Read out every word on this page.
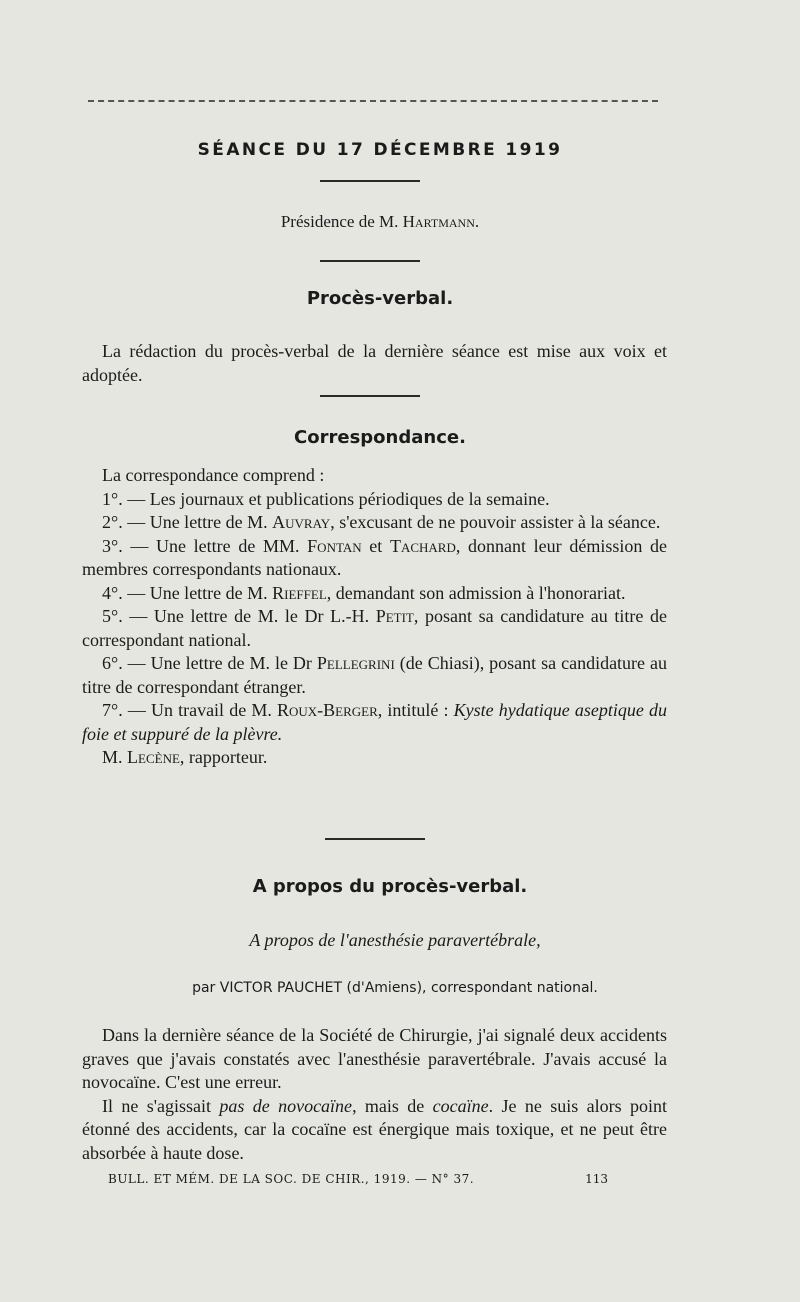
SÉANCE DU 17 DÉCEMBRE 1919
Présidence de M. Hartmann.
Procès-verbal.

La rédaction du procès-verbal de la dernière séance est mise aux voix et adoptée.

Correspondance.

La correspondance comprend :

1°. — Les journaux et publications périodiques de la semaine.

2°. — Une lettre de M. Auvray, s'excusant de ne pouvoir assister à la séance.

3°. — Une lettre de MM. Fontan et Tachard, donnant leur démission de membres correspondants nationaux.

4°. — Une lettre de M. Rieffel, demandant son admission à l'honorariat.

5°. — Une lettre de M. le Dr L.-H. Petit, posant sa candidature au titre de correspondant national.

6°. — Une lettre de M. le Dr Pellegrini (de Chiasi), posant sa candidature au titre de correspondant étranger.

7°. — Un travail de M. Roux-Berger, intitulé : Kyste hydatique aseptique du foie et suppuré de la plèvre.

M. Lecène, rapporteur.

A propos du procès-verbal.
A propos de l'anesthésie paravertébrale,
par VICTOR PAUCHET (d'Amiens), correspondant national.

Dans la dernière séance de la Société de Chirurgie, j'ai signalé deux accidents graves que j'avais constatés avec l'anesthésie paravertébrale. J'avais accusé la novocaïne. C'est une erreur.

Il ne s'agissait pas de novocaïne, mais de cocaïne. Je ne suis alors point étonné des accidents, car la cocaïne est énergique mais toxique, et ne peut être absorbée à haute dose.

BULL. ET MÉM. DE LA SOC. DE CHIR., 1919. — N° 37.	113
